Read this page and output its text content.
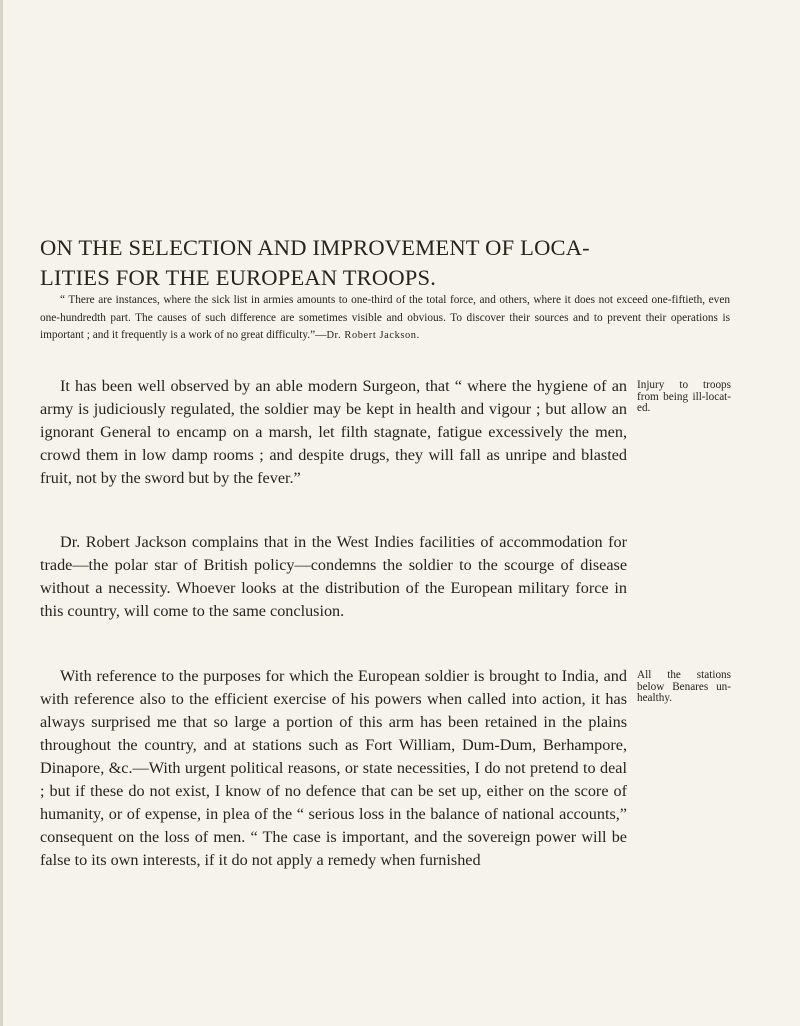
ON THE SELECTION AND IMPROVEMENT OF LOCA-
LITIES FOR THE EUROPEAN TROOPS.
“ There are instances, where the sick list in armies amounts to one-third of the total force, and others, where it does not exceed one-fiftieth, even one-hundredth part. The causes of such difference are sometimes visible and obvious. To discover their sources and to prevent their operations is important ; and it frequently is a work of no great difficulty.”—Dr. Robert Jackson.

It has been well observed by an able modern Surgeon, that “ where the hygiene of an army is judiciously regulated, the soldier may be kept in health and vigour ; but allow an ignorant General to encamp on a marsh, let filth stagnate, fatigue excessively the men, crowd them in low damp rooms ; and despite drugs, they will fall as unripe and blasted fruit, not by the sword but by the fever.”

Injury to troops from being ill-locat-ed.

Dr. Robert Jackson complains that in the West Indies facilities of accommodation for trade—the polar star of British policy—condemns the soldier to the scourge of disease without a necessity. Whoever looks at the distribution of the European military force in this country, will come to the same conclusion.

With reference to the purposes for which the European soldier is brought to India, and with reference also to the efficient exercise of his powers when called into action, it has always surprised me that so large a portion of this arm has been retained in the plains throughout the country, and at stations such as Fort William, Dum-Dum, Berhampore, Dinapore, &c.—With urgent political reasons, or state necessities, I do not pretend to deal ; but if these do not exist, I know of no defence that can be set up, either on the score of humanity, or of expense, in plea of the “ serious loss in the balance of national accounts,” consequent on the loss of men. “ The case is important, and the sovereign power will be false to its own interests, if it do not apply a remedy when furnished

All the stations below Benares un-healthy.
